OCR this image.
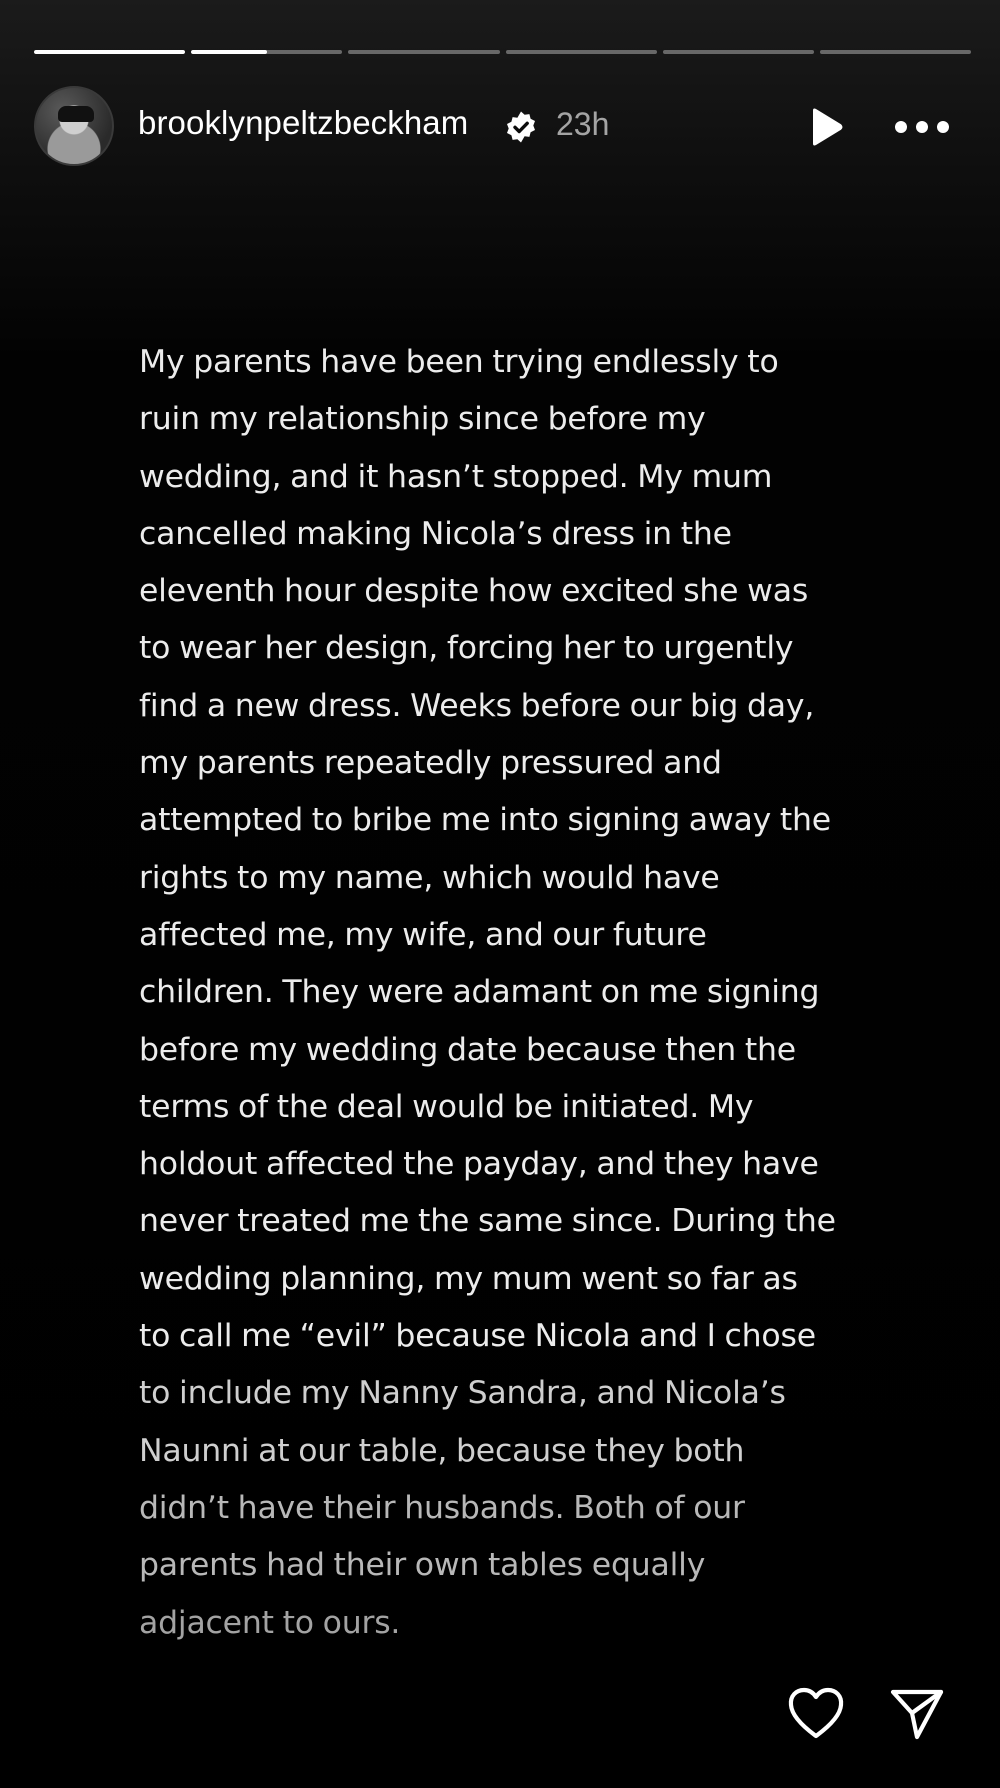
brooklynpeltzbeckham	23h

My parents have been trying endlessly to
ruin my relationship since before my
wedding, and it hasn’t stopped. My mum
cancelled making Nicola’s dress in the
eleventh hour despite how excited she was
to wear her design, forcing her to urgently
find a new dress. Weeks before our big day,
my parents repeatedly pressured and
attempted to bribe me into signing away the
rights to my name, which would have
affected me, my wife, and our future
children. They were adamant on me signing
before my wedding date because then the
terms of the deal would be initiated. My
holdout affected the payday, and they have
never treated me the same since. During the
wedding planning, my mum went so far as
to call me “evil” because Nicola and I chose
to include my Nanny Sandra, and Nicola’s
Naunni at our table, because they both
didn’t have their husbands. Both of our
parents had their own tables equally
adjacent to ours.
